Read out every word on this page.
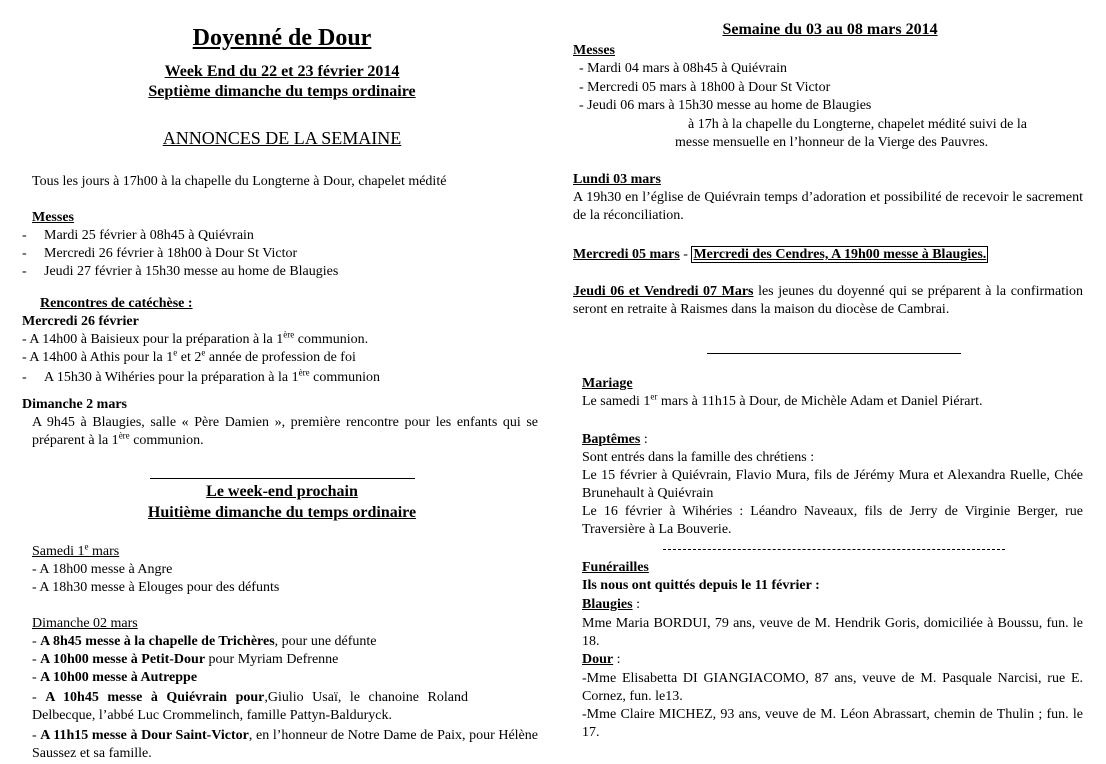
Doyenné de Dour
Week End du 22 et 23 février 2014
Septième dimanche du temps ordinaire
ANNONCES DE LA SEMAINE

Tous les jours à 17h00 à la chapelle du Longterne à Dour, chapelet médité

Messes

- Mardi 25 février à 08h45 à Quiévrain

- Mercredi 26 février à 18h00 à Dour St Victor

- Jeudi 27 février à 15h30 messe au home de Blaugies

Rencontres de catéchèse :

Mercredi 26 février

- A 14h00 à Baisieux pour la préparation à la 1ère communion.

- A 14h00 à Athis pour la 1e et 2e année de profession de foi

- A 15h30 à Wihéries pour la préparation à la 1ère communion

Dimanche 2 mars

A 9h45 à Blaugies, salle « Père Damien », première rencontre pour les enfants qui se préparent à la 1ère communion.

Le week-end prochain
Huitième dimanche du temps ordinaire

Samedi 1e mars

- A 18h00 messe à Angre

- A 18h30 messe à Elouges pour des défunts

Dimanche 02 mars

- A 8h45 messe à la chapelle de Trichères, pour une défunte

- A 10h00 messe à Petit-Dour pour Myriam Defrenne

- A 10h00 messe à Autreppe

- A 10h45 messe à Quiévrain pour,Giulio Usaï, le chanoine Roland Delbecque, l’abbé Luc Crommelinch, famille Pattyn-Balduryck.

- A 11h15 messe à Dour Saint-Victor, en l’honneur de Notre Dame de Paix, pour Hélène Saussez et sa famille.

Semaine du 03 au 08 mars 2014

Messes

- Mardi 04 mars à 08h45 à Quiévrain

- Mercredi 05 mars à 18h00 à Dour St Victor

- Jeudi 06 mars à 15h30 messe au home de Blaugies

à 17h à la chapelle du Longterne, chapelet médité suivi de la

messe mensuelle en l’honneur de la Vierge des Pauvres.

Lundi 03 mars

A 19h30 en l’église de Quiévrain temps d’adoration et possibilité de recevoir le sacrement de la réconciliation.

Mercredi 05 mars - Mercredi des Cendres, A 19h00 messe à Blaugies.

Jeudi 06 et Vendredi 07 Mars les jeunes du doyenné qui se préparent à la confirmation seront en retraite à Raismes dans la maison du diocèse de Cambrai.

Mariage

Le samedi 1er mars à 11h15 à Dour, de Michèle Adam et Daniel Piérart.

Baptêmes :

Sont entrés dans la famille des chrétiens :

Le 15 février à Quiévrain, Flavio Mura, fils de Jérémy Mura et Alexandra Ruelle, Chée Brunehault à Quiévrain

Le 16 février à Wihéries : Léandro Naveaux, fils de Jerry de Virginie Berger, rue Traversière à La Bouverie.

Funérailles

Ils nous ont quittés depuis le 11 février :

Blaugies :

Mme Maria BORDUI, 79 ans, veuve de M. Hendrik Goris, domiciliée à Boussu, fun. le 18.

Dour :

-Mme Elisabetta DI GIANGIACOMO, 87 ans, veuve de M. Pasquale Narcisi, rue E. Cornez, fun. le13.

-Mme Claire MICHEZ, 93 ans, veuve de M. Léon Abrassart, chemin de Thulin ; fun. le 17.
